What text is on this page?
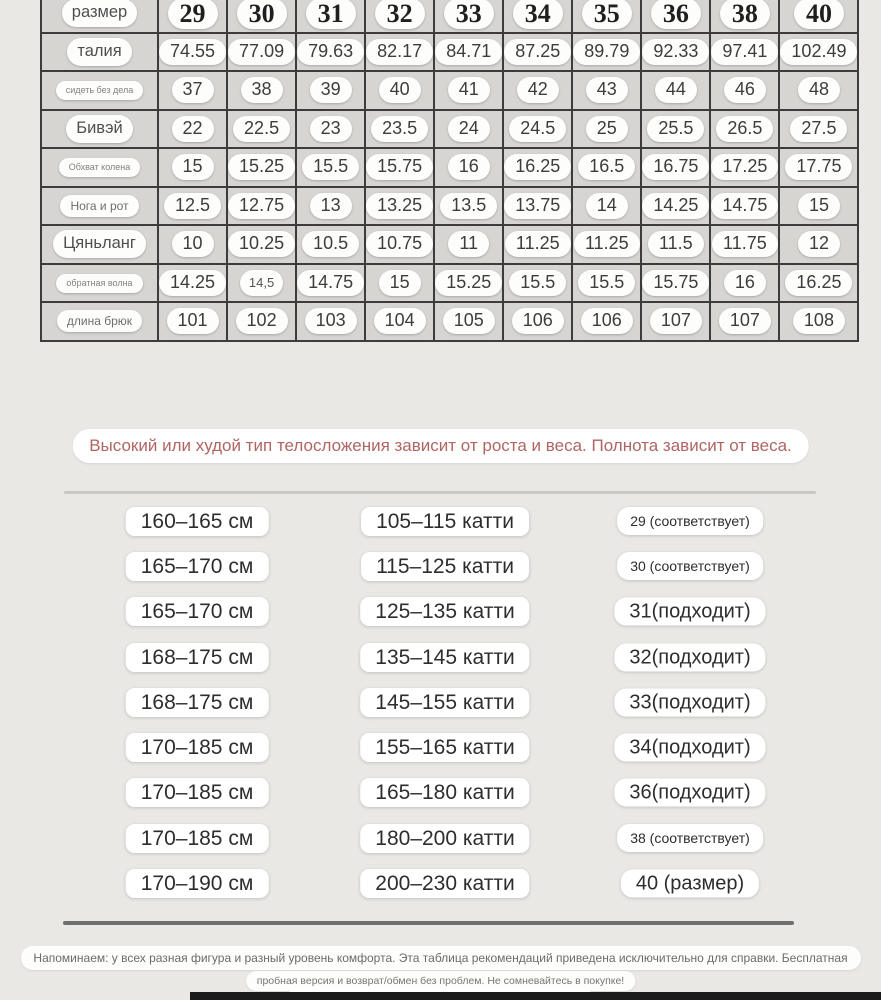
размер	29	30	31	32	33	34	35	36	38	40
талия	74.55	77.09	79.63	82.17	84.71	87.25	89.79	92.33	97.41	102.49
сидеть без дела	37	38	39	40	41	42	43	44	46	48
Бивэй	22	22.5	23	23.5	24	24.5	25	25.5	26.5	27.5
Обхват колена	15	15.25	15.5	15.75	16	16.25	16.5	16.75	17.25	17.75
Нога и рот	12.5	12.75	13	13.25	13.5	13.75	14	14.25	14.75	15
Цяньланг	10	10.25	10.5	10.75	11	11.25	11.25	11.5	11.75	12
обратная волна	14.25	14,5	14.75	15	15.25	15.5	15.5	15.75	16	16.25
длина брюк	101	102	103	104	105	106	106	107	107	108
Высокий или худой тип телосложения зависит от роста и веса. Полнота зависит от веса.
160–165 см	105–115 катти	29 (соответствует)
165–170 см	115–125 катти	30 (соответствует)
165–170 см	125–135 катти	31(подходит)
168–175 см	135–145 катти	32(подходит)
168–175 см	145–155 катти	33(подходит)
170–185 см	155–165 катти	34(подходит)
170–185 см	165–180 катти	36(подходит)
170–185 см	180–200 катти	38 (соответствует)
170–190 см	200–230 катти	40 (размер)
Напоминаем: у всех разная фигура и разный уровень комфорта. Эта таблица рекомендаций приведена исключительно для справки. Бесплатная
пробная версия и возврат/обмен без проблем. Не сомневайтесь в покупке!
